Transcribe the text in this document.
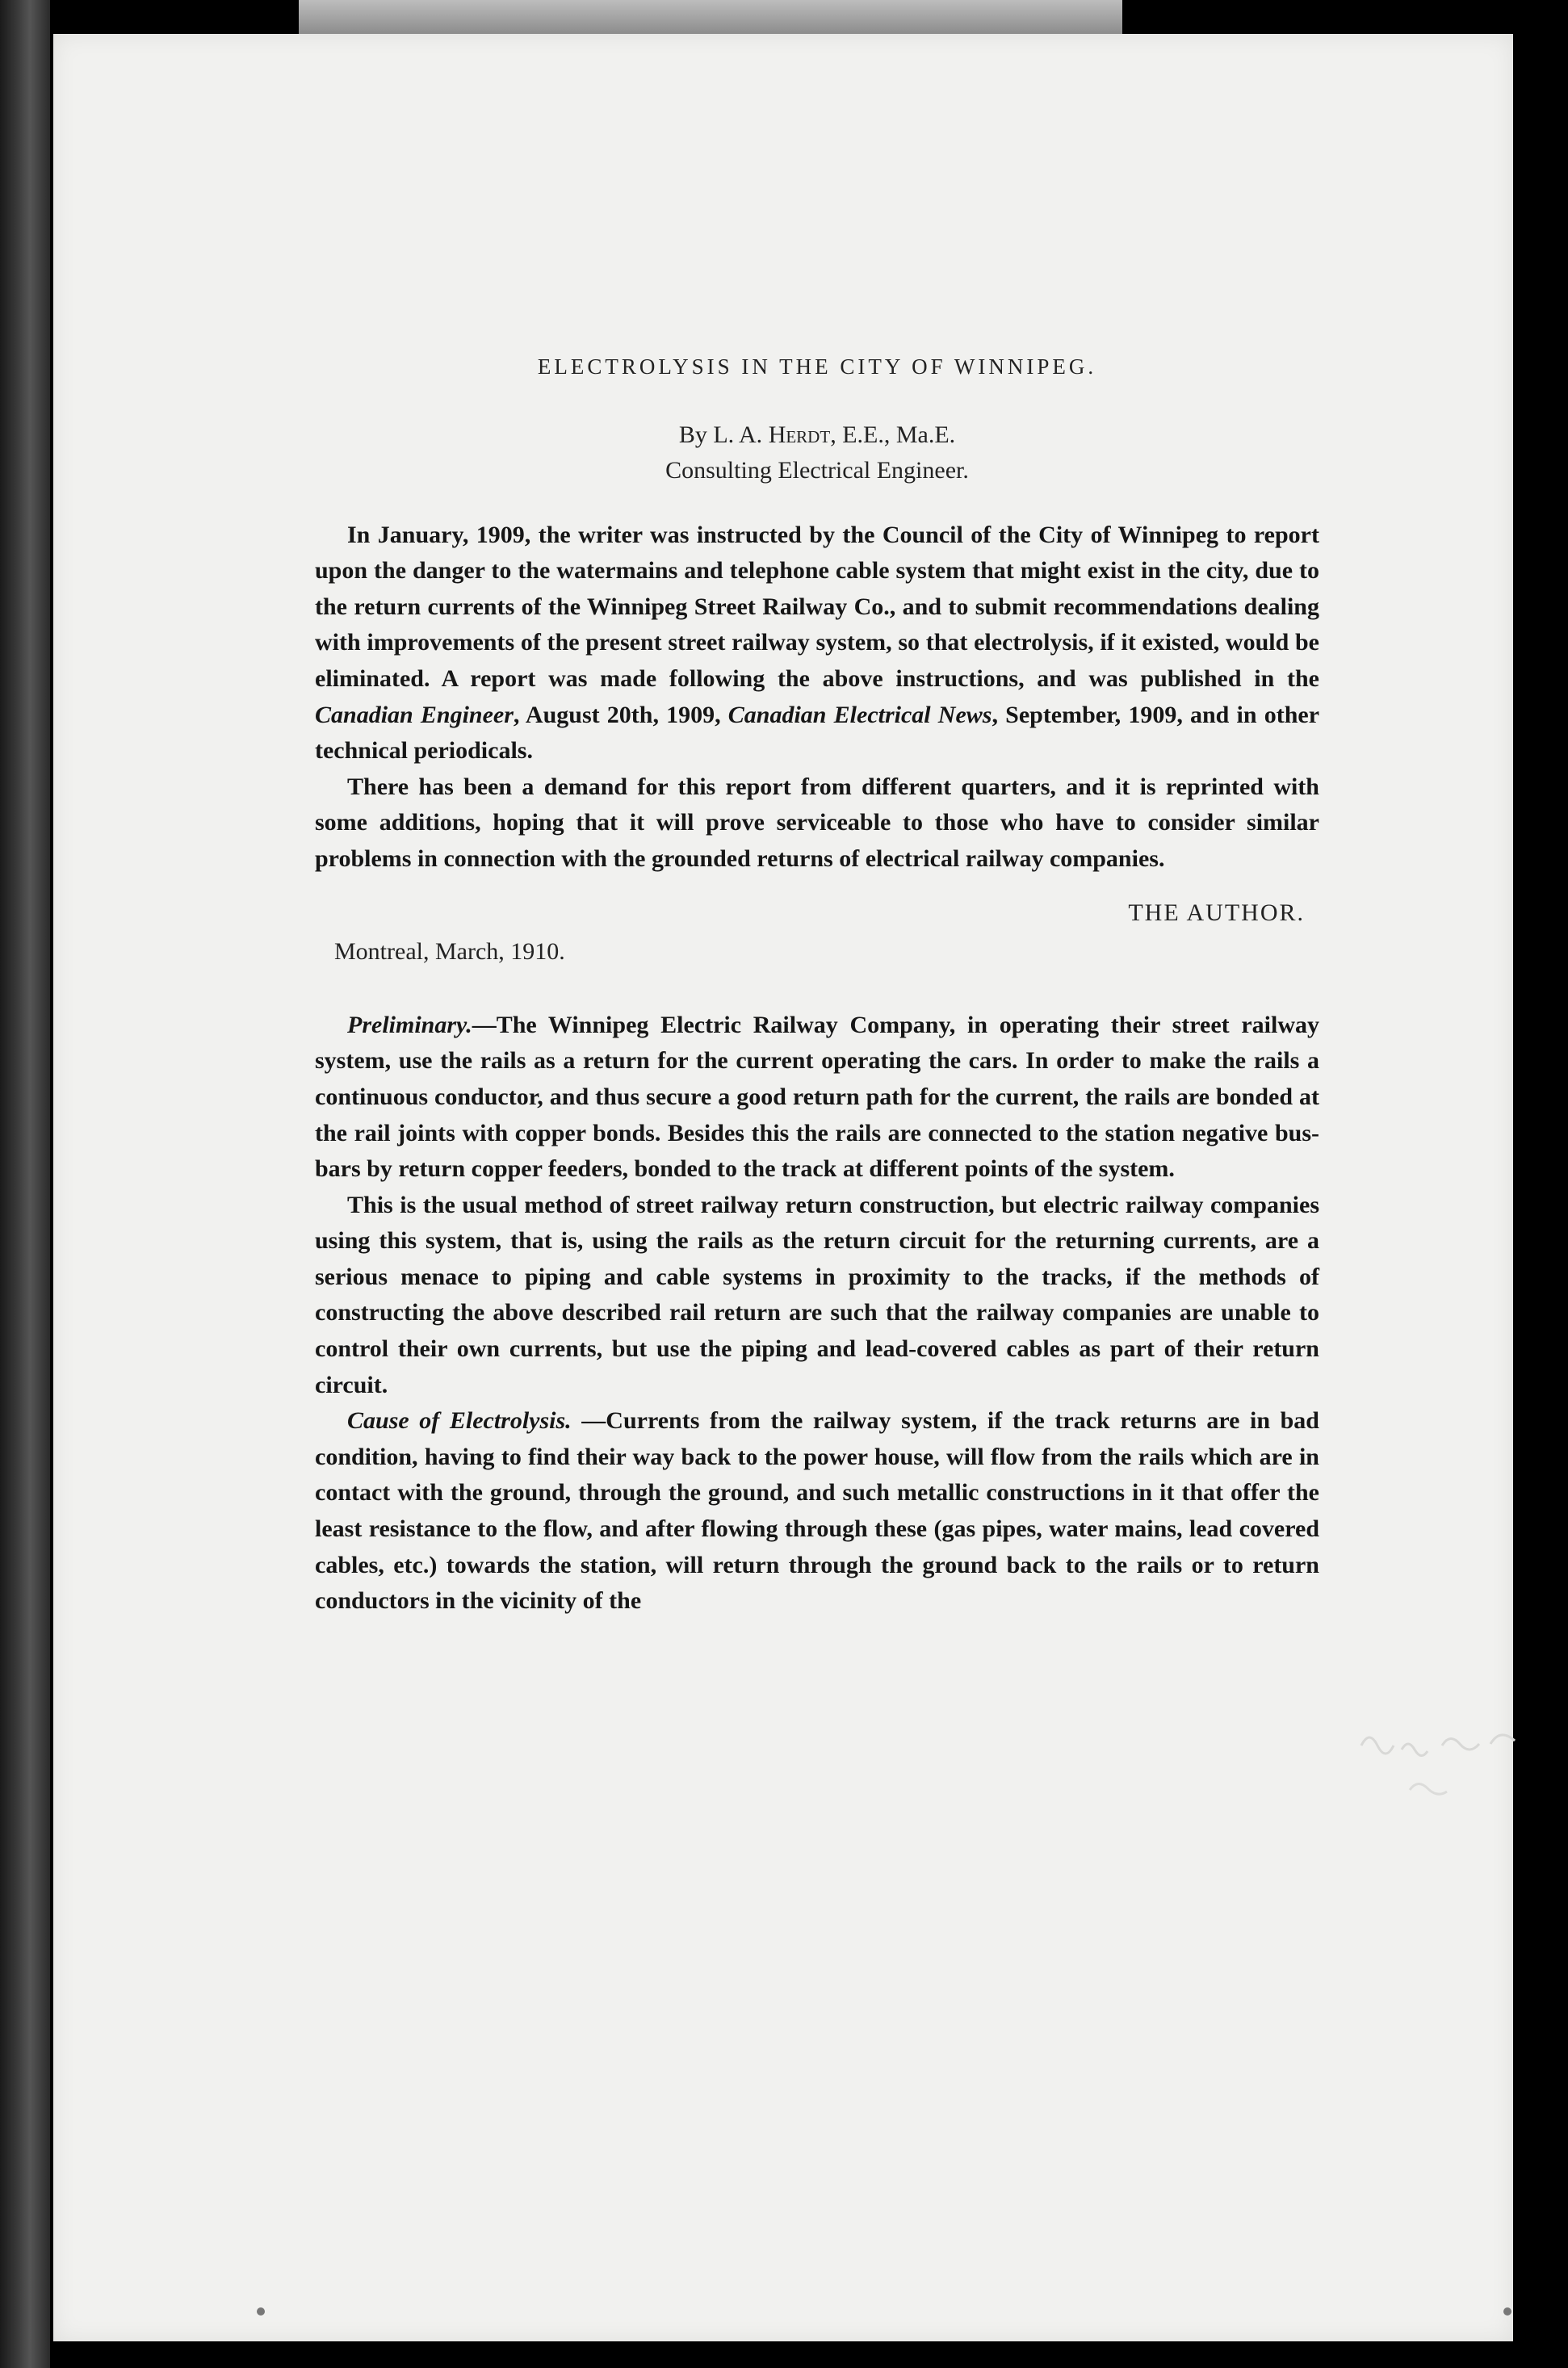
ELECTROLYSIS IN THE CITY OF WINNIPEG.
By L. A. Herdt, E.E., Ma.E.
Consulting Electrical Engineer.

In January, 1909, the writer was instructed by the Council of the City of Winnipeg to report upon the danger to the watermains and telephone cable system that might exist in the city, due to the return currents of the Winnipeg Street Railway Co., and to submit recommendations dealing with improvements of the present street railway system, so that electrolysis, if it existed, would be eliminated. A report was made following the above instructions, and was published in the Canadian Engineer, August 20th, 1909, Canadian Electrical News, September, 1909, and in other technical periodicals.

There has been a demand for this report from different quarters, and it is reprinted with some additions, hoping that it will prove serviceable to those who have to consider similar problems in connection with the grounded returns of electrical railway companies.

THE AUTHOR.
Montreal, March, 1910.

Preliminary.—The Winnipeg Electric Railway Company, in operating their street railway system, use the rails as a return for the current operating the cars. In order to make the rails a continuous conductor, and thus secure a good return path for the current, the rails are bonded at the rail joints with copper bonds. Besides this the rails are connected to the station negative bus-bars by return copper feeders, bonded to the track at different points of the system.

This is the usual method of street railway return construction, but electric railway companies using this system, that is, using the rails as the return circuit for the returning currents, are a serious menace to piping and cable systems in proximity to the tracks, if the methods of constructing the above described rail return are such that the railway companies are unable to control their own currents, but use the piping and lead-covered cables as part of their return circuit.

Cause of Electrolysis. —Currents from the railway system, if the track returns are in bad condition, having to find their way back to the power house, will flow from the rails which are in contact with the ground, through the ground, and such metallic constructions in it that offer the least resistance to the flow, and after flowing through these (gas pipes, water mains, lead covered cables, etc.) towards the station, will return through the ground back to the rails or to return conductors in the vicinity of the
